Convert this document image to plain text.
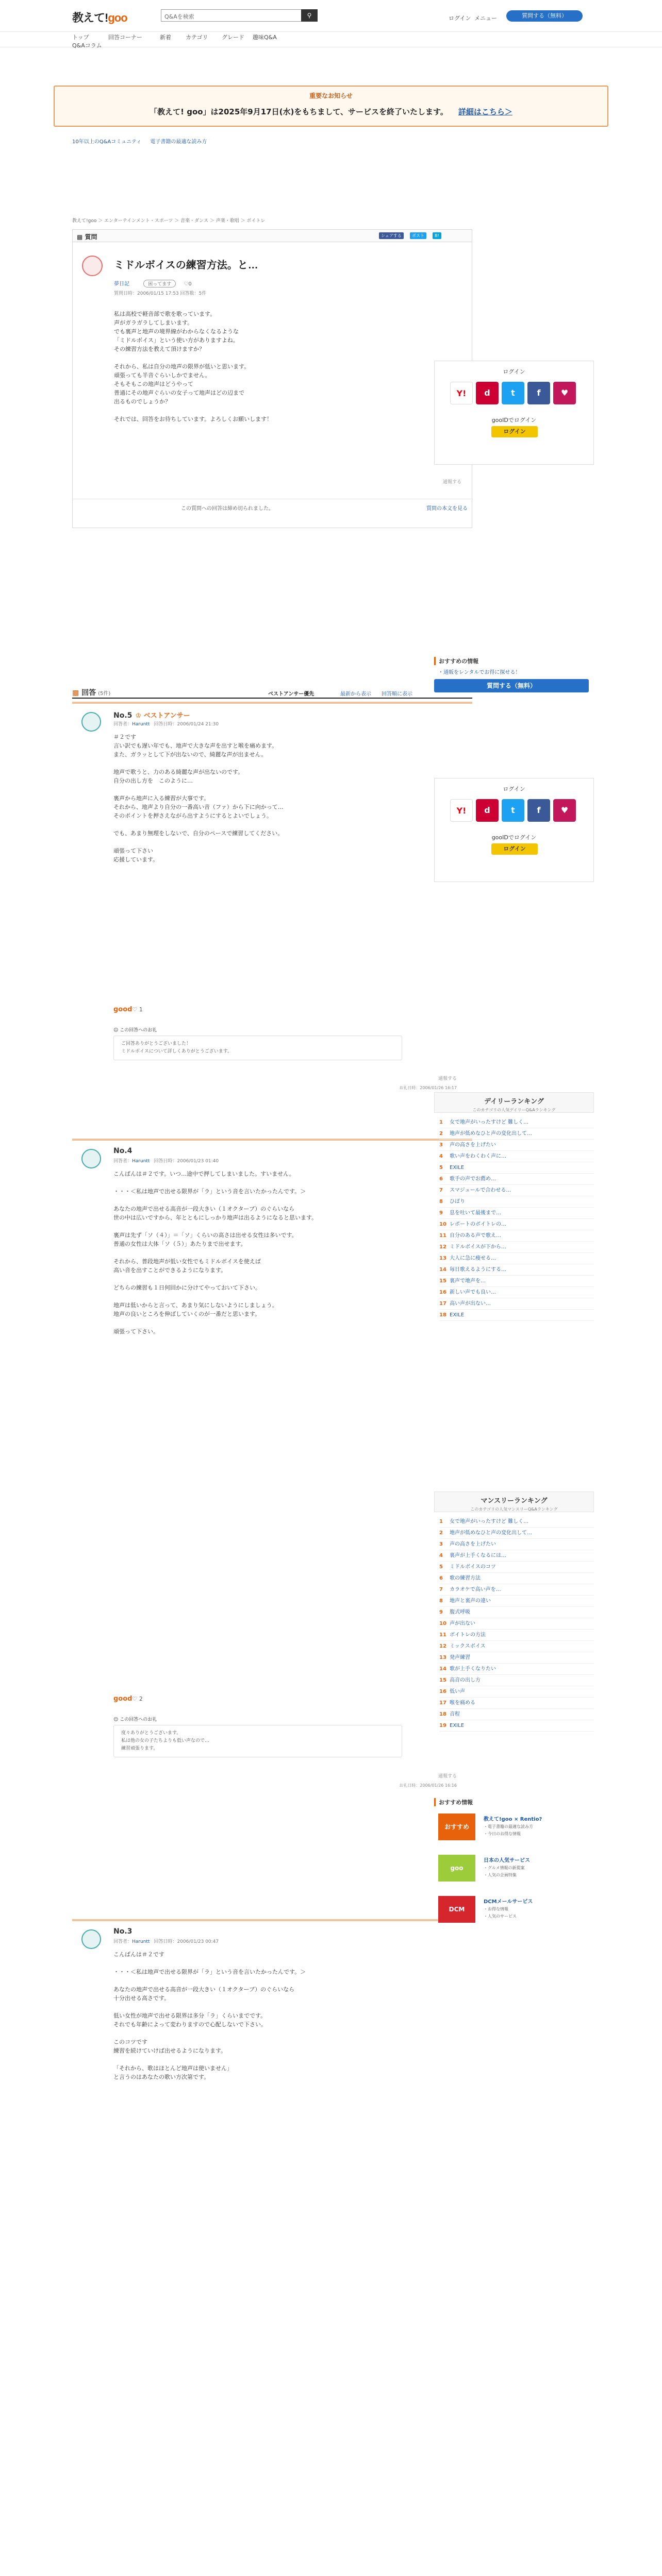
教えて!goo	Q&Aを検索	⚲	ログイン メニュー	質問する（無料）
トップ	回答コーナー	新着	カテゴリ グレード 趣味Q&A
Q&Aコラム
重要なお知らせ
「教えて! goo」は2025年9月17日(水)をもちまして、サービスを終了いたします。 詳細はこちら＞
10年以上のQ&Aコミュニティ 電子書籍の最適な読み方
教えて!goo ＞ エンターテインメント・スポーツ ＞ 音楽・ダンス ＞ 声楽・歌唱 ＞ ボイトレ
▩ 質問	シェアする	ポスト	B!
ミドルボイスの練習方法。と…
夢日記	困ってます ♡0
質問日時：2006/01/15 17:53 回答数：5件
私は高校で軽音部で歌を歌っています。
声がガラガラしてしまいます。
でも裏声と地声の境界線がわからなくなるような
「ミドルボイス」という使い方がありますよね。
その練習方法を教えて頂けますか？

それから、私は自分の地声の限界が低いと思います。
頑張っても半音ぐらいしかでません。
そもそもこの地声はどうやって
普通にその地声ぐらいの女子って地声はどの辺まで
出るものでしょうか？

それでは、回答をお待ちしています。よろしくお願いします！
通報する
この質問への回答は締め切られました。	質問の本文を見る
▩ 回答 (5件)	ベストアンサー優先	最新から表示 回答順に表示
No.5 ♔ ベストアンサー
回答者：Haruntt 回答日時：2006/01/24 21:30
＃２です
言い訳でも遅い年でも、地声で大きな声を出すと喉を痛めます。
また、ガラッとして下が出ないので、綺麗な声が出ません。

地声で歌うと、力のある綺麗な声が出ないのです。
自分の出し方を　このように…

裏声から地声に入る練習が大事です。
それから、地声より自分の一番高い音（ファ）から下に向かって…
そのポイントを押さえながら出すようにするとよいでしょう。

でも、あまり無理をしないで、自分のペースで練習してください。

頑張って下さい
応援しています。
good♡ 1
☺ この回答へのお礼
ご回答ありがとうございました！
ミドルボイスについて詳しくありがとうございます。
通報する
お礼日時：2006/01/26 16:17
No.4
回答者：Haruntt 回答日時：2006/01/23 01:40
こんばんは＃２です。いつ…途中で押してしまいました。すいません。

・・・＜私は地声で出せる限界が「ラ」という音を言いたかったんです。＞

あなたの地声で出せる高音が一段大きい（１オクターブ）のぐらいなら
世の中は広いですから、年とともにしっかり地声は出るようになると思います。

裏声は先ず「ソ（４）」＝「ソ」くらいの高さは出せる女性は多いです。
普通の女性は大体「ソ（５）」あたりまで出せます。

それから、普段地声が低い女性でもミドルボイスを使えば
高い音を出すことができるようになります。

どちらの練習も１日何回かに分けてやっておいて下さい。

地声は低いからと言って、あまり気にしないようにしましょう。
地声の良いところを伸ばしていくのが一番だと思います。

頑張って下さい。
good♡ 2
☺ この回答へのお礼
度々ありがとうございます。
私は他の女の子たちよりも低い声なので…
練習頑張ります。
通報する
お礼日時：2006/01/26 16:16
No.3
回答者：Haruntt 回答日時：2006/01/23 00:47
こんばんは＃２です

・・・＜私は地声で出せる限界が「ラ」という音を言いたかったんです。＞

あなたの地声で出せる高音が一段大きい（１オクターブ）のぐらいなら
十分出せる高さです。

低い女性が地声で出せる限界は多分「ラ」くらいまでです。
それでも年齢によって変わりますので心配しないで下さい。

このコツです
練習を続けていけば出せるようになります。

「それから、歌はほとんど地声は使いません」
と言うのはあなたの歌い方次第です。
ログイン
Y!	d	t	f	♥
gooIDでログイン
ログイン
おすすめの情報
・通販をレンタルでお得に探せる！
質問する（無料）
ログイン
Y!	d	t	f	♥
gooIDでログイン
ログイン
デイリーランキング
このカテゴリの人気デイリーQ&Aランキング
1 女で地声がいったすけど 難しく…
2 地声が低めなひと声の変化出して…
3 声の高さを上げたい
4 歌い声をわくわく声に…
5 EXILE
6 歌手の声でお薦め…
7 スマジュールで合わせる…
8 ひばり
9 息を吐いて最後まで…
10 レポートのボイトレの…
11 自分のある声で歌え…
12 ミドルボイスが下から…
13 大人に急に痩せる…
14 毎日歌えるようにする…
15 裏声で地声を…
16 新しい声でも良い…
17 高い声が出ない…
18 EXILE
マンスリーランキング
このカテゴリの人気マンスリーQ&Aランキング
1 女で地声がいったすけど 難しく…
2 地声が低めなひと声の変化出して…
3 声の高さを上げたい
4 裏声が上手くなるには…
5 ミドルボイスのコツ
6 歌の練習方法
7 カラオケで高い声を…
8 地声と裏声の違い
9 腹式呼吸
10 声が出ない
11 ボイトレの方法
12 ミックスボイス
13 発声練習
14 歌が上手くなりたい
15 高音の出し方
16 低い声
17 喉を痛める
18 音程
19 EXILE
おすすめ情報
おすすめ
教えて!goo × Rentio?
・電子書籍の最適な読み方
・今日のお得な情報
goo
日本の人気サービス
・グルメ情報の新提案
・人気の企画特集
DCM
DCMメールサービス
・お得な情報
・人気のサービス
